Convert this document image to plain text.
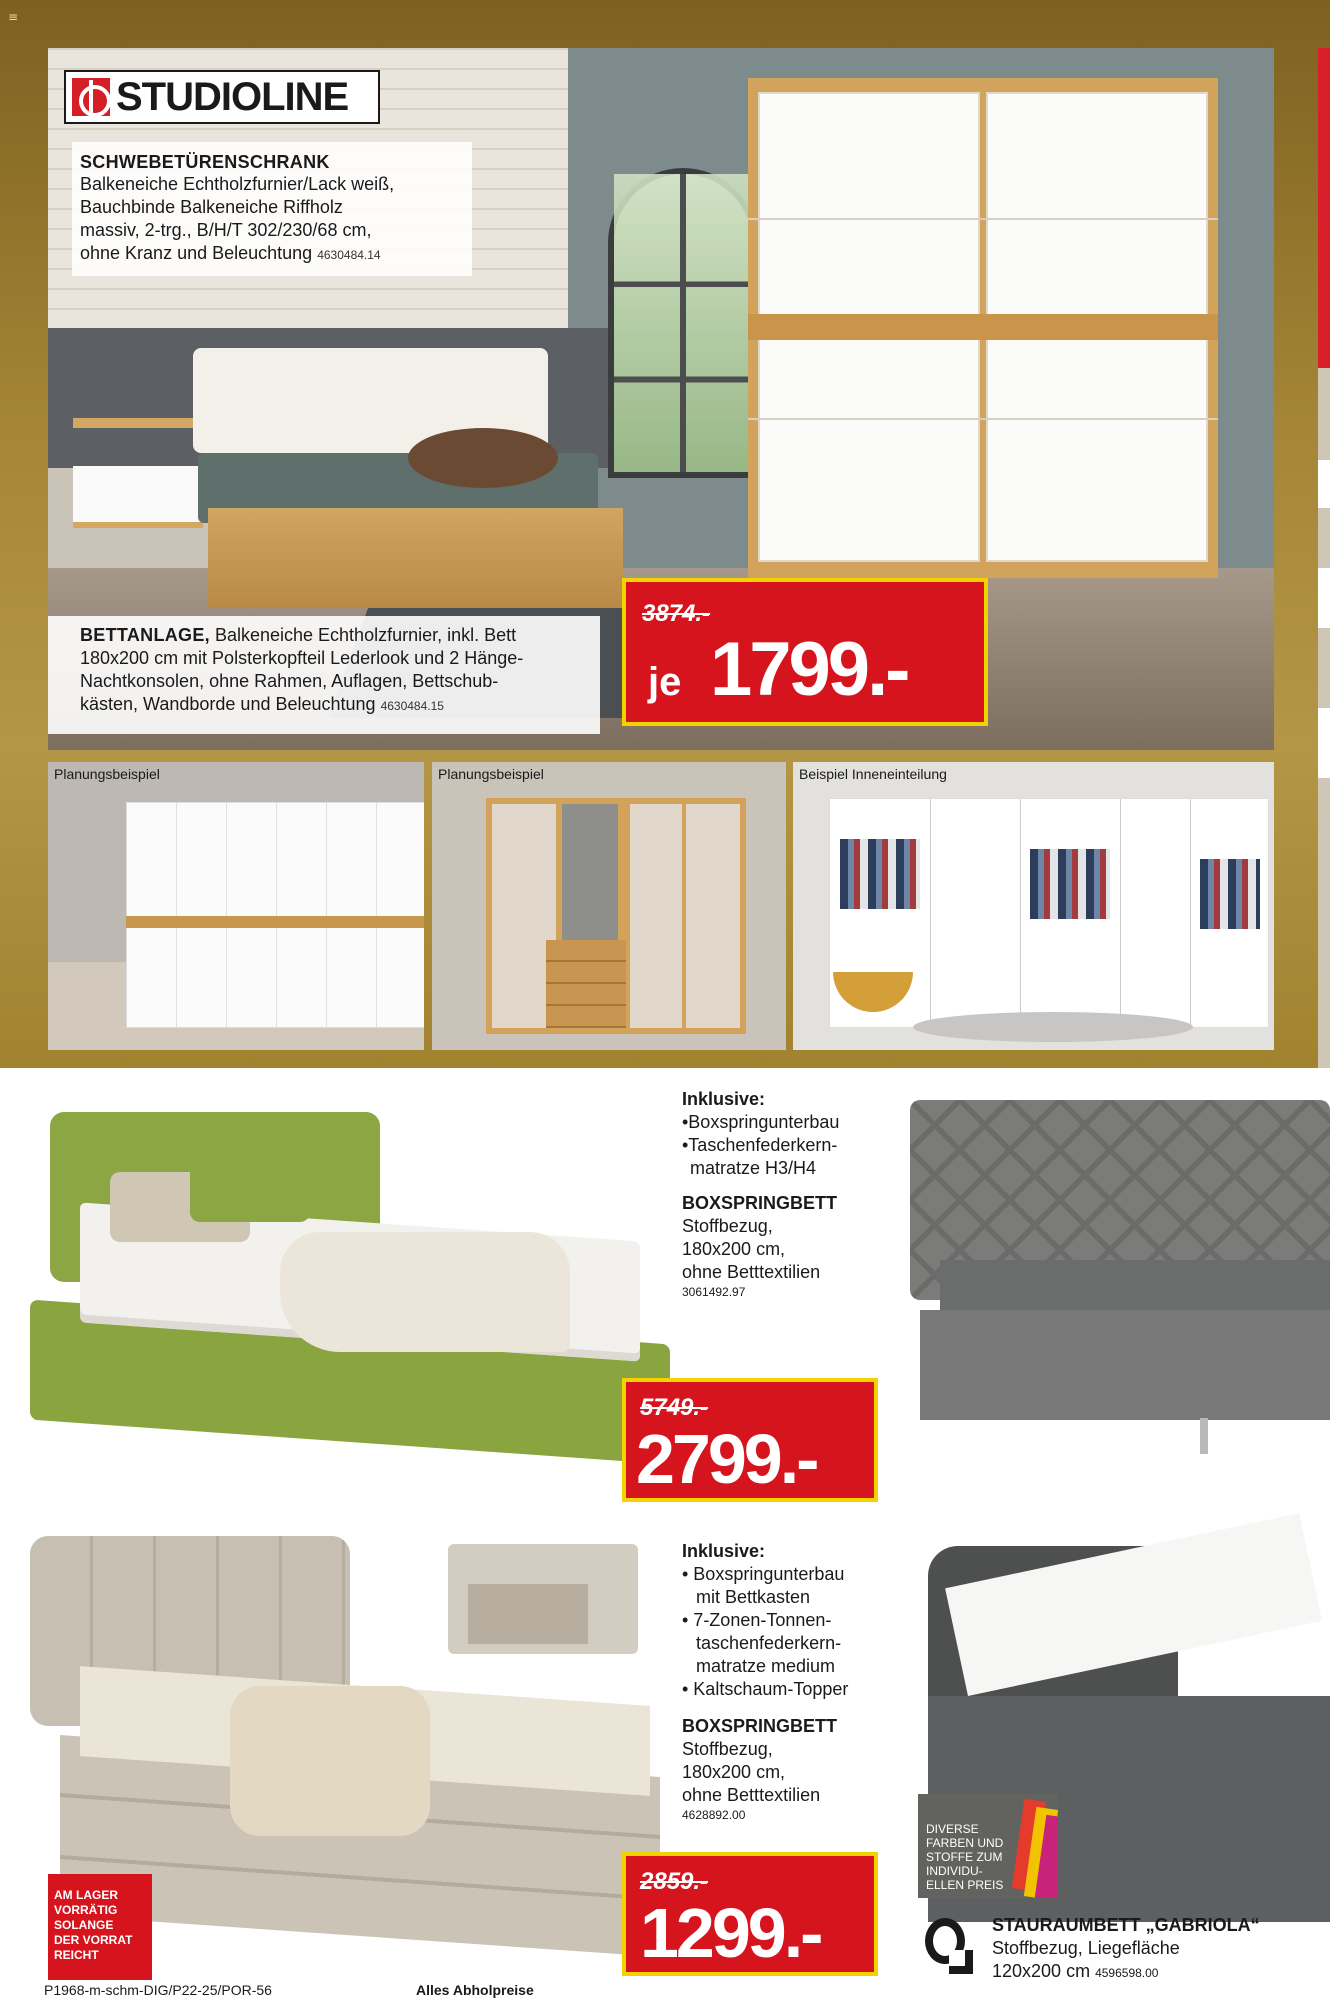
≡
STUDIOLINE
SCHWEBETÜRENSCHRANK
Balkeneiche Echtholzfurnier/Lack weiß,
Bauchbinde Balkeneiche Riffholz
massiv, 2-trg., B/H/T 302/230/68 cm,
ohne Kranz und Beleuchtung 4630484.14
BETTANLAGE, Balkeneiche Echtholzfurnier, inkl. Bett
180x200 cm mit Polsterkopfteil Lederlook und 2 Hänge-
Nachtkonsolen, ohne Rahmen, Auflagen, Bettschub-
kästen, Wandborde und Beleuchtung 4630484.15
3874.-
je 1799.-
Planungsbeispiel	Planungsbeispiel	Beispiel Inneneinteilung
Inklusive:
•Boxspringunterbau
•Taschenfederkern-
matratze H3/H4
BOXSPRINGBETT
Stoffbezug,
180x200 cm,
ohne Betttextilien
3061492.97
5749.-
2799.-
Inklusive:
• Boxspringunterbau
mit Bettkasten
• 7-Zonen-Tonnen-
taschenfederkern-
matratze medium
• Kaltschaum-Topper
BOXSPRINGBETT
Stoffbezug,
180x200 cm,
ohne Betttextilien
4628892.00
2859.-
1299.-
DIVERSE
FARBEN UND
STOFFE ZUM
INDIVIDU-
ELLEN PREIS
AM LAGER
VORRÄTIG
SOLANGE
DER VORRAT
REICHT
STAURAUMBETT „GABRIOLA“
Stoffbezug, Liegefläche
120x200 cm 4596598.00
P1968-m-schm-DIG/P22-25/POR-56	Alles Abholpreise
